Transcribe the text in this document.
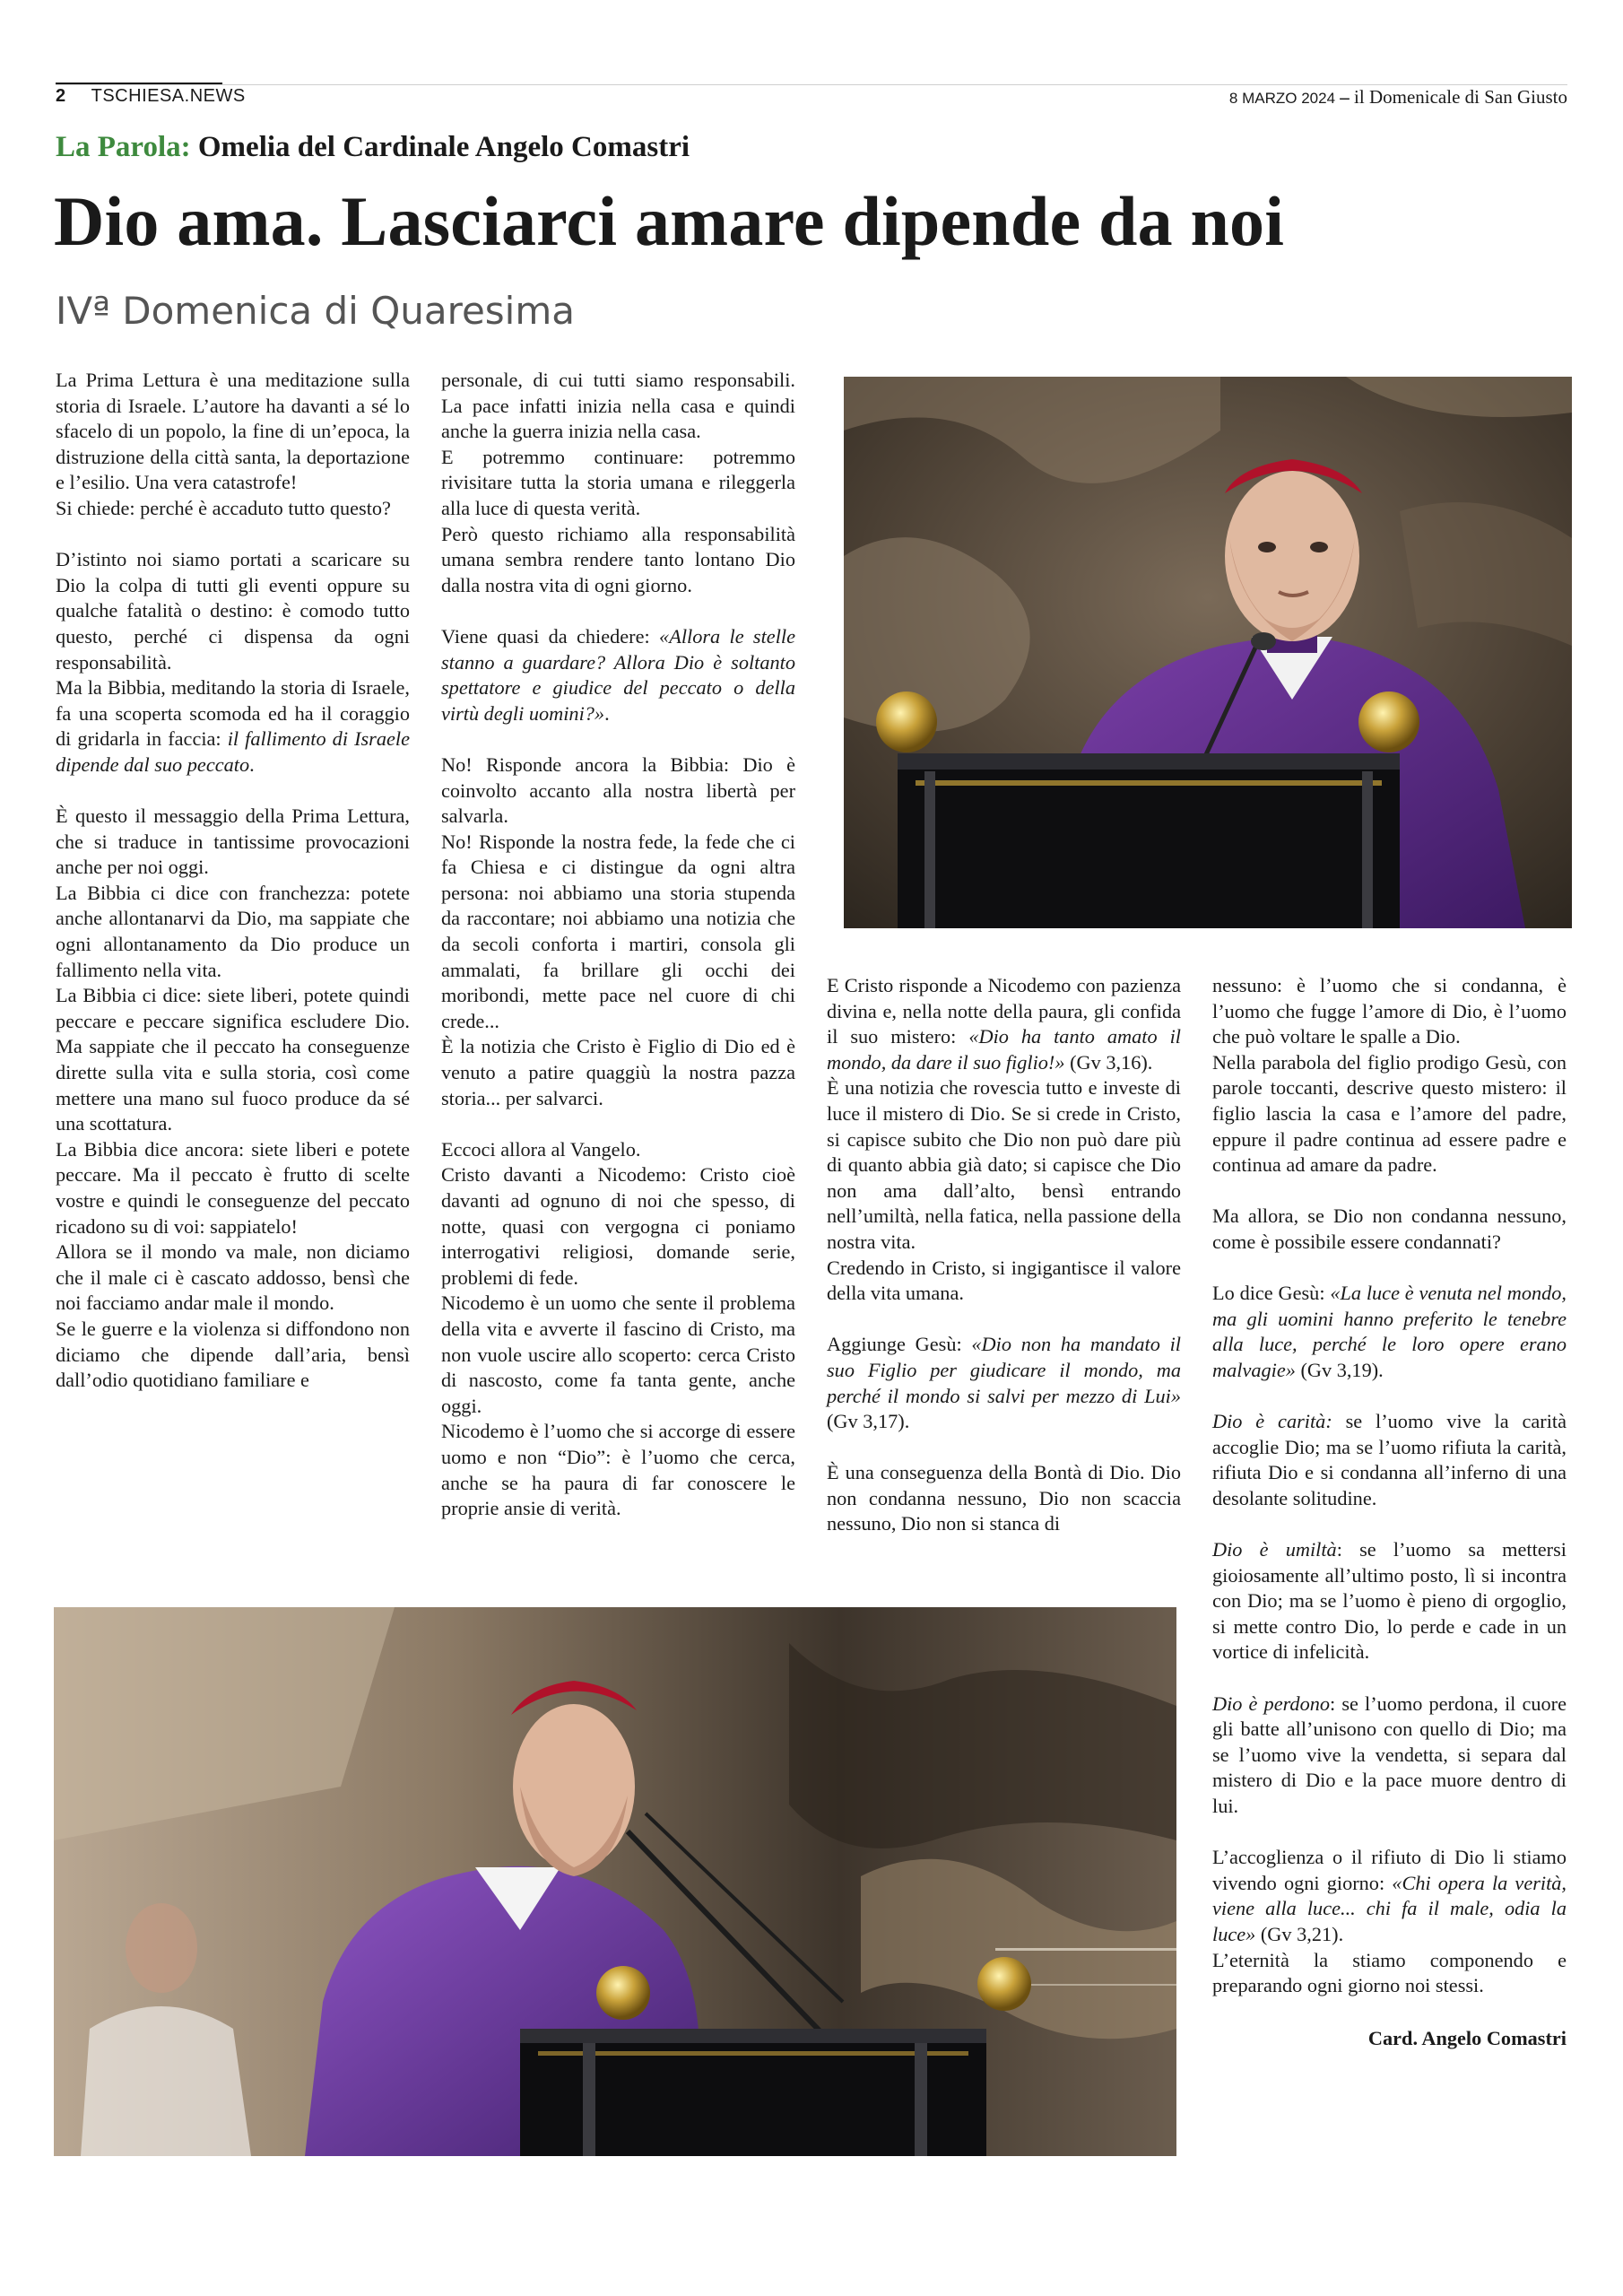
2 TSCHIESA.NEWS	8 MARZO 2024 – il Domenicale di San Giusto
La Parola: Omelia del Cardinale Angelo Comastri
Dio ama. Lasciarci amare dipende da noi
IVª Domenica di Quaresima

La Prima Lettura è una meditazione sulla storia di Israele. L’autore ha davanti a sé lo sfacelo di un popolo, la fine di un’epoca, la distruzione della città santa, la deportazione e l’esilio. Una vera catastrofe!

Si chiede: perché è accaduto tutto questo?

D’istinto noi siamo portati a scaricare su Dio la colpa di tutti gli eventi oppure su qualche fatalità o destino: è comodo tutto questo, perché ci dispensa da ogni responsabilità.

Ma la Bibbia, meditando la storia di Israele, fa una scoperta scomoda ed ha il coraggio di gridarla in faccia: il fallimento di Israele dipende dal suo peccato.

È questo il messaggio della Prima Lettura, che si traduce in tantissime provocazioni anche per noi oggi.

La Bibbia ci dice con franchezza: potete anche allontanarvi da Dio, ma sappiate che ogni allontanamento da Dio produce un fallimento nella vita.

La Bibbia ci dice: siete liberi, potete quindi peccare e peccare significa escludere Dio. Ma sappiate che il peccato ha conseguenze dirette sulla vita e sulla storia, così come mettere una mano sul fuoco produce da sé una scottatura.

La Bibbia dice ancora: siete liberi e potete peccare. Ma il peccato è frutto di scelte vostre e quindi le conseguenze del peccato ricadono su di voi: sappiatelo!

Allora se il mondo va male, non diciamo che il male ci è cascato addosso, bensì che noi facciamo andar male il mondo.

Se le guerre e la violenza si diffondono non diciamo che dipende dall’aria, bensì dall’odio quotidiano familiare e

personale, di cui tutti siamo responsabili. La pace infatti inizia nella casa e quindi anche la guerra inizia nella casa.

E potremmo continuare: potremmo rivisitare tutta la storia umana e rileggerla alla luce di questa verità.

Però questo richiamo alla responsabilità umana sembra rendere tanto lontano Dio dalla nostra vita di ogni giorno.

Viene quasi da chiedere: «Allora le stelle stanno a guardare? Allora Dio è soltanto spettatore e giudice del peccato o della virtù degli uomini?».

No! Risponde ancora la Bibbia: Dio è coinvolto accanto alla nostra libertà per salvarla.

No! Risponde la nostra fede, la fede che ci fa Chiesa e ci distingue da ogni altra persona: noi abbiamo una storia stupenda da raccontare; noi abbiamo una notizia che da secoli conforta i martiri, consola gli ammalati, fa brillare gli occhi dei moribondi, mette pace nel cuore di chi crede...

È la notizia che Cristo è Figlio di Dio ed è venuto a patire quaggiù la nostra pazza storia... per salvarci.

Eccoci allora al Vangelo.

Cristo davanti a Nicodemo: Cristo cioè davanti ad ognuno di noi che spesso, di notte, quasi con vergogna ci poniamo interrogativi religiosi, domande serie, problemi di fede.

Nicodemo è un uomo che sente il problema della vita e avverte il fascino di Cristo, ma non vuole uscire allo scoperto: cerca Cristo di nascosto, come fa tanta gente, anche oggi.

Nicodemo è l’uomo che si accorge di essere uomo e non “Dio”: è l’uomo che cerca, anche se ha paura di far conoscere le proprie ansie di verità.

E Cristo risponde a Nicodemo con pazienza divina e, nella notte della paura, gli confida il suo mistero: «Dio ha tanto amato il mondo, da dare il suo figlio!» (Gv 3,16).

È una notizia che rovescia tutto e investe di luce il mistero di Dio. Se si crede in Cristo, si capisce subito che Dio non può dare più di quanto abbia già dato; si capisce che Dio non ama dall’alto, bensì entrando nell’umiltà, nella fatica, nella passione della nostra vita.

Credendo in Cristo, si ingigantisce il valore della vita umana.

Aggiunge Gesù: «Dio non ha mandato il suo Figlio per giudicare il mondo, ma perché il mondo si salvi per mezzo di Lui» (Gv 3,17).

È una conseguenza della Bontà di Dio. Dio non condanna nessuno, Dio non scaccia nessuno, Dio non si stanca di

nessuno: è l’uomo che si condanna, è l’uomo che fugge l’amore di Dio, è l’uomo che può voltare le spalle a Dio.

Nella parabola del figlio prodigo Gesù, con parole toccanti, descrive questo mistero: il figlio lascia la casa e l’amore del padre, eppure il padre continua ad essere padre e continua ad amare da padre.

Ma allora, se Dio non condanna nessuno, come è possibile essere condannati?

Lo dice Gesù: «La luce è venuta nel mondo, ma gli uomini hanno preferito le tenebre alla luce, perché le loro opere erano malvagie» (Gv 3,19).

Dio è carità: se l’uomo vive la carità accoglie Dio; ma se l’uomo rifiuta la carità, rifiuta Dio e si condanna all’inferno di una desolante solitudine.

Dio è umiltà: se l’uomo sa mettersi gioiosamente all’ultimo posto, lì si incontra con Dio; ma se l’uomo è pieno di orgoglio, si mette contro Dio, lo perde e cade in un vortice di infelicità.

Dio è perdono: se l’uomo perdona, il cuore gli batte all’unisono con quello di Dio; ma se l’uomo vive la vendetta, si separa dal mistero di Dio e la pace muore dentro di lui.

L’accoglienza o il rifiuto di Dio li stiamo vivendo ogni giorno: «Chi opera la verità, viene alla luce... chi fa il male, odia la luce» (Gv 3,21).

L’eternità la stiamo componendo e preparando ogni giorno noi stessi.

Card. Angelo Comastri
